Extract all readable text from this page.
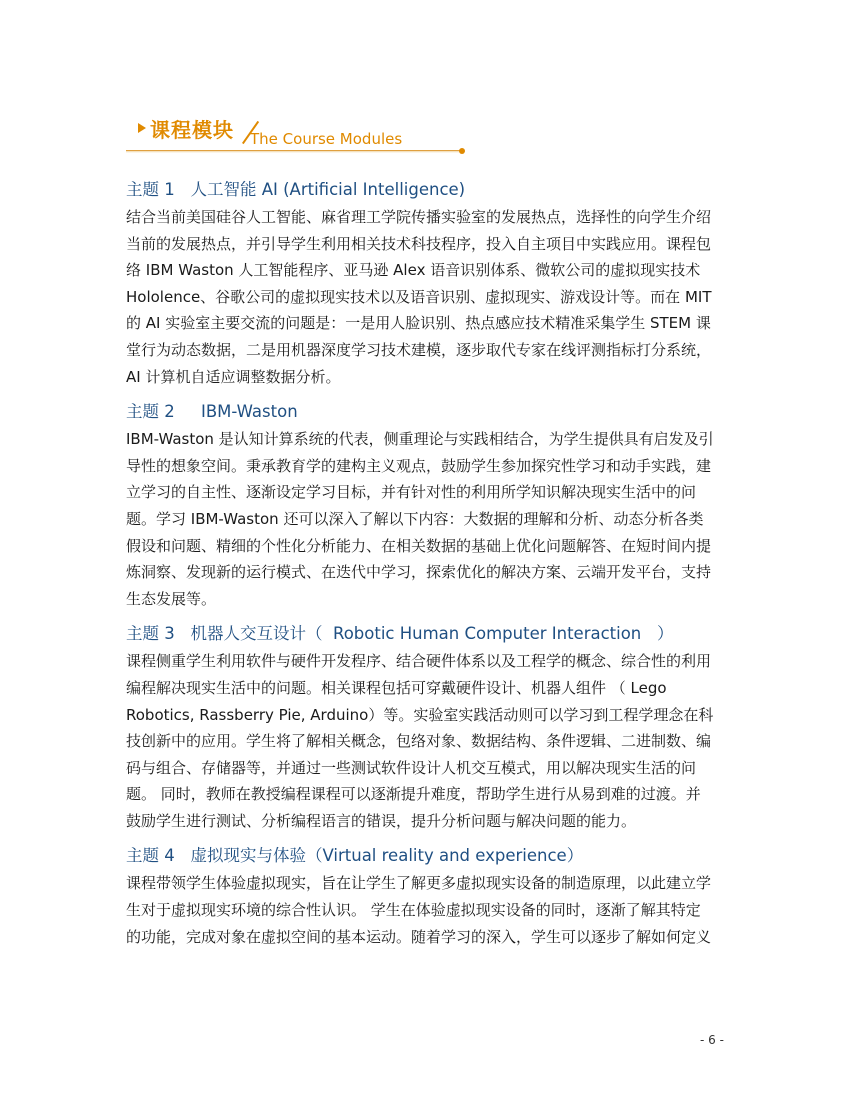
课程模块 The Course Modules
主题 1   人工智能 AI (Artificial Intelligence)
结合当前美国硅谷人工智能、麻省理工学院传播实验室的发展热点，选择性的向学生介绍
当前的发展热点，并引导学生利用相关技术科技程序，投入自主项目中实践应用。课程包
络 IBM Waston 人工智能程序、亚马逊 Alex 语音识别体系、微软公司的虚拟现实技术
Hololence、谷歌公司的虚拟现实技术以及语音识别、虚拟现实、游戏设计等。而在 MIT
的 AI 实验室主要交流的问题是：一是用人脸识别、热点感应技术精准采集学生 STEM 课
堂行为动态数据，二是用机器深度学习技术建模，逐步取代专家在线评测指标打分系统，
AI 计算机自适应调整数据分析。
主题 2     IBM-Waston
IBM-Waston 是认知计算系统的代表，侧重理论与实践相结合，为学生提供具有启发及引
导性的想象空间。秉承教育学的建构主义观点，鼓励学生参加探究性学习和动手实践，建
立学习的自主性、逐渐设定学习目标，并有针对性的利用所学知识解决现实生活中的问
题。学习 IBM-Waston 还可以深入了解以下内容：大数据的理解和分析、动态分析各类
假设和问题、精细的个性化分析能力、在相关数据的基础上优化问题解答、在短时间内提
炼洞察、发现新的运行模式、在迭代中学习，探索优化的解决方案、云端开发平台，支持
生态发展等。
主题 3   机器人交互设计（  Robotic Human Computer Interaction   ）
课程侧重学生利用软件与硬件开发程序、结合硬件体系以及工程学的概念、综合性的利用
编程解决现实生活中的问题。相关课程包括可穿戴硬件设计、机器人组件 （ Lego
Robotics, Rassberry Pie, Arduino）等。实验室实践活动则可以学习到工程学理念在科
技创新中的应用。学生将了解相关概念，包络对象、数据结构、条件逻辑、二进制数、编
码与组合、存储器等，并通过一些测试软件设计人机交互模式，用以解决现实生活的问
题。 同时，教师在教授编程课程可以逐渐提升难度，帮助学生进行从易到难的过渡。并
鼓励学生进行测试、分析编程语言的错误，提升分析问题与解决问题的能力。
主题 4   虚拟现实与体验（Virtual reality and experience）
课程带领学生体验虚拟现实，旨在让学生了解更多虚拟现实设备的制造原理，以此建立学
生对于虚拟现实环境的综合性认识。 学生在体验虚拟现实设备的同时，逐渐了解其特定
的功能，完成对象在虚拟空间的基本运动。随着学习的深入，学生可以逐步了解如何定义
- 6 -
